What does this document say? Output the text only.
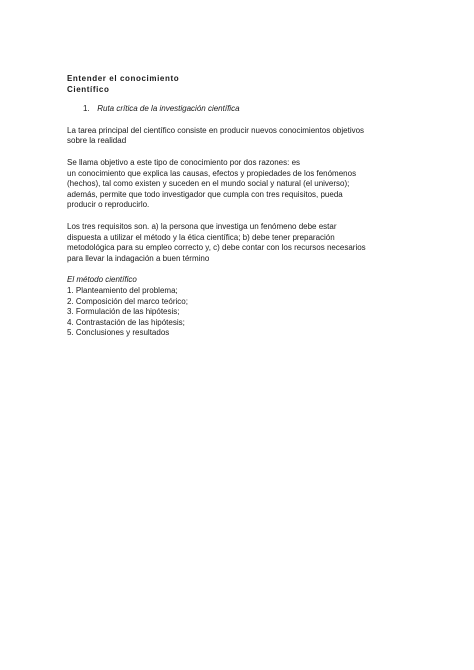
Entender el conocimiento
Científico
1. Ruta crítica de la investigación científica
La tarea principal del científico consiste en producir nuevos conocimientos objetivos
sobre la realidad
Se llama objetivo a este tipo de conocimiento por dos razones: es
un conocimiento que explica las causas, efectos y propiedades de los fenómenos
(hechos), tal como existen y suceden en el mundo social y natural (el universo);
además, permite que todo investigador que cumpla con tres requisitos, pueda
producir o reproducirlo.
Los tres requisitos son. a) la persona que investiga un fenómeno debe estar
dispuesta a utilizar el método y la ética científica; b) debe tener preparación
metodológica para su empleo correcto y, c) debe contar con los recursos necesarios
para llevar la indagación a buen término
El método científico
1. Planteamiento del problema;
2. Composición del marco teórico;
3. Formulación de las hipótesis;
4. Contrastación de las hipótesis;
5. Conclusiones y resultados
